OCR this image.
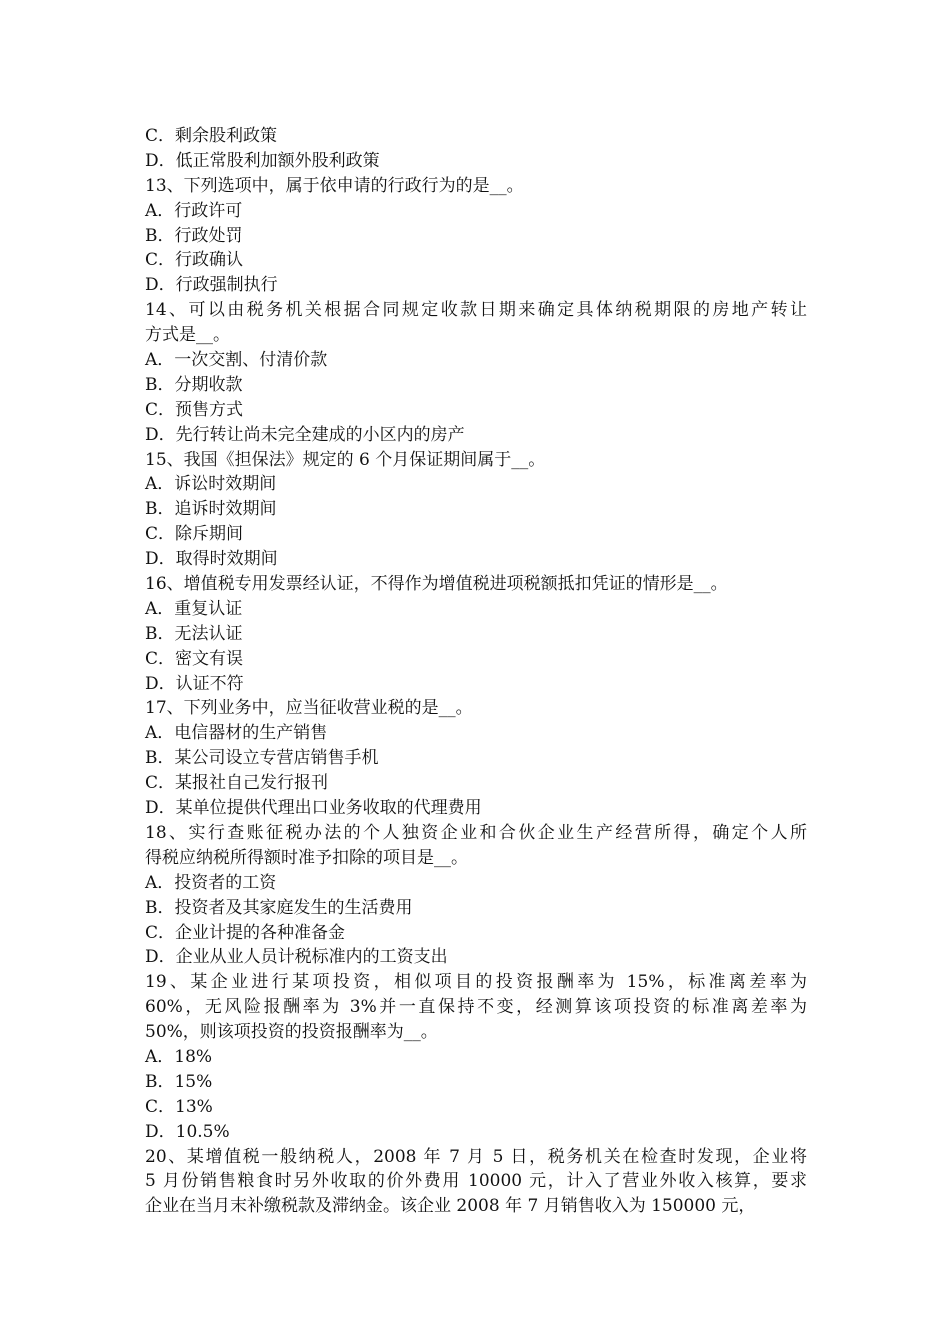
C．剩余股利政策
D．低正常股利加额外股利政策
13、下列选项中，属于依申请的行政行为的是__。
A．行政许可
B．行政处罚
C．行政确认
D．行政强制执行
14、可以由税务机关根据合同规定收款日期来确定具体纳税期限的房地产转让
方式是__。
A．一次交割、付清价款
B．分期收款
C．预售方式
D．先行转让尚未完全建成的小区内的房产
15、我国《担保法》规定的 6 个月保证期间属于__。
A．诉讼时效期间
B．追诉时效期间
C．除斥期间
D．取得时效期间
16、增值税专用发票经认证，不得作为增值税进项税额抵扣凭证的情形是__。
A．重复认证
B．无法认证
C．密文有误
D．认证不符
17、下列业务中，应当征收营业税的是__。
A．电信器材的生产销售
B．某公司设立专营店销售手机
C．某报社自己发行报刊
D．某单位提供代理出口业务收取的代理费用
18、实行查账征税办法的个人独资企业和合伙企业生产经营所得，确定个人所
得税应纳税所得额时准予扣除的项目是__。
A．投资者的工资
B．投资者及其家庭发生的生活费用
C．企业计提的各种准备金
D．企业从业人员计税标准内的工资支出
19、某企业进行某项投资，相似项目的投资报酬率为 15%，标准离差率为
60%，无风险报酬率为 3%并一直保持不变，经测算该项投资的标准离差率为
50%，则该项投资的投资报酬率为__。
A．18%
B．15%
C．13%
D．10.5%
20、某增值税一般纳税人，2008 年 7 月 5 日，税务机关在检查时发现，企业将
5 月份销售粮食时另外收取的价外费用 10000 元，计入了营业外收入核算，要求
企业在当月末补缴税款及滞纳金。该企业 2008 年 7 月销售收入为 150000 元，
